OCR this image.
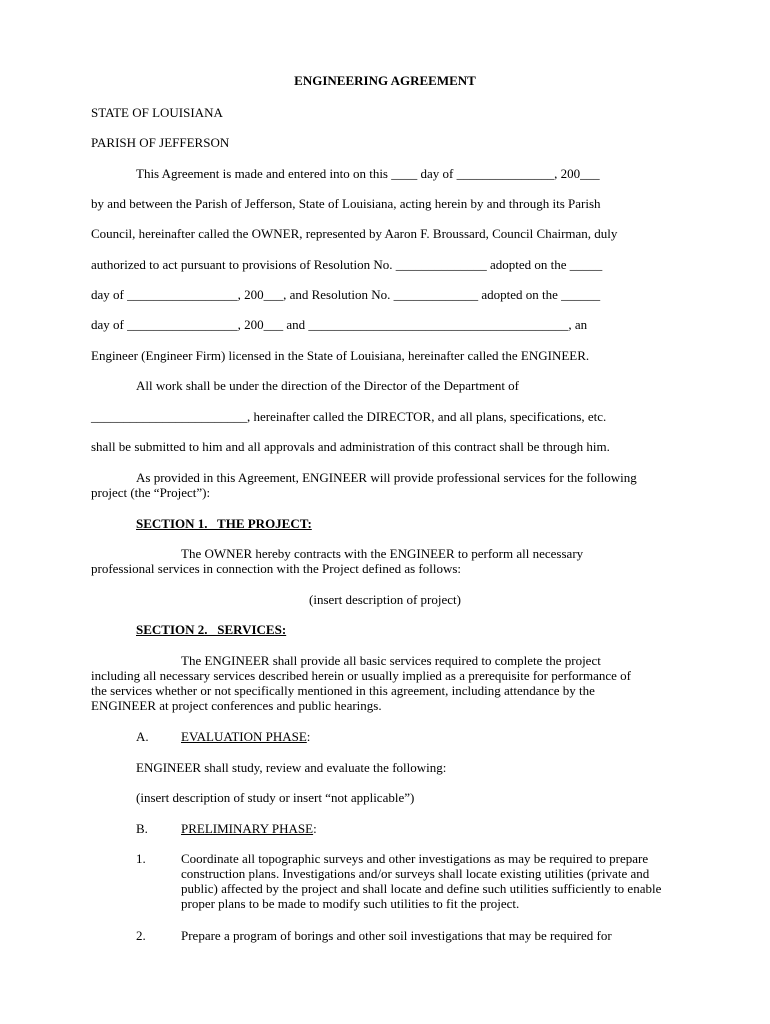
ENGINEERING AGREEMENT
STATE OF LOUISIANA
PARISH OF JEFFERSON
This Agreement is made and entered into on this ____ day of _______________, 200___
by and between the Parish of Jefferson, State of Louisiana, acting herein by and through its Parish
Council, hereinafter called the OWNER, represented by Aaron F. Broussard, Council Chairman, duly
authorized to act pursuant to provisions of Resolution No. ______________ adopted on the _____
day of _________________, 200___, and Resolution No. _____________ adopted on the ______
day of _________________, 200___ and ________________________________________, an
Engineer (Engineer Firm) licensed in the State of Louisiana, hereinafter called the ENGINEER.
All work shall be under the direction of the Director of the Department of
________________________, hereinafter called the DIRECTOR, and all plans, specifications, etc.
shall be submitted to him and all approvals and administration of this contract shall be through him.
As provided in this Agreement, ENGINEER will provide professional services for the following
project (the “Project”):
SECTION 1.   THE PROJECT:
The OWNER hereby contracts with the ENGINEER to perform all necessary
professional services in connection with the Project defined as follows:
(insert description of project)
SECTION 2.   SERVICES:
The ENGINEER shall provide all basic services required to complete the project
including all necessary services described herein or usually implied as a prerequisite for performance of
the services whether or not specifically mentioned in this agreement, including attendance by the
ENGINEER at project conferences and public hearings.
A. EVALUATION PHASE:
ENGINEER shall study, review and evaluate the following:
(insert description of study or insert “not applicable”)
B.	PRELIMINARY PHASE:
1.	Coordinate all topographic surveys and other investigations as may be required to prepare construction plans. Investigations and/or surveys shall locate existing utilities (private and public) affected by the project and shall locate and define such utilities sufficiently to enable proper plans to be made to modify such utilities to fit the project.
2.	Prepare a program of borings and other soil investigations that may be required for
